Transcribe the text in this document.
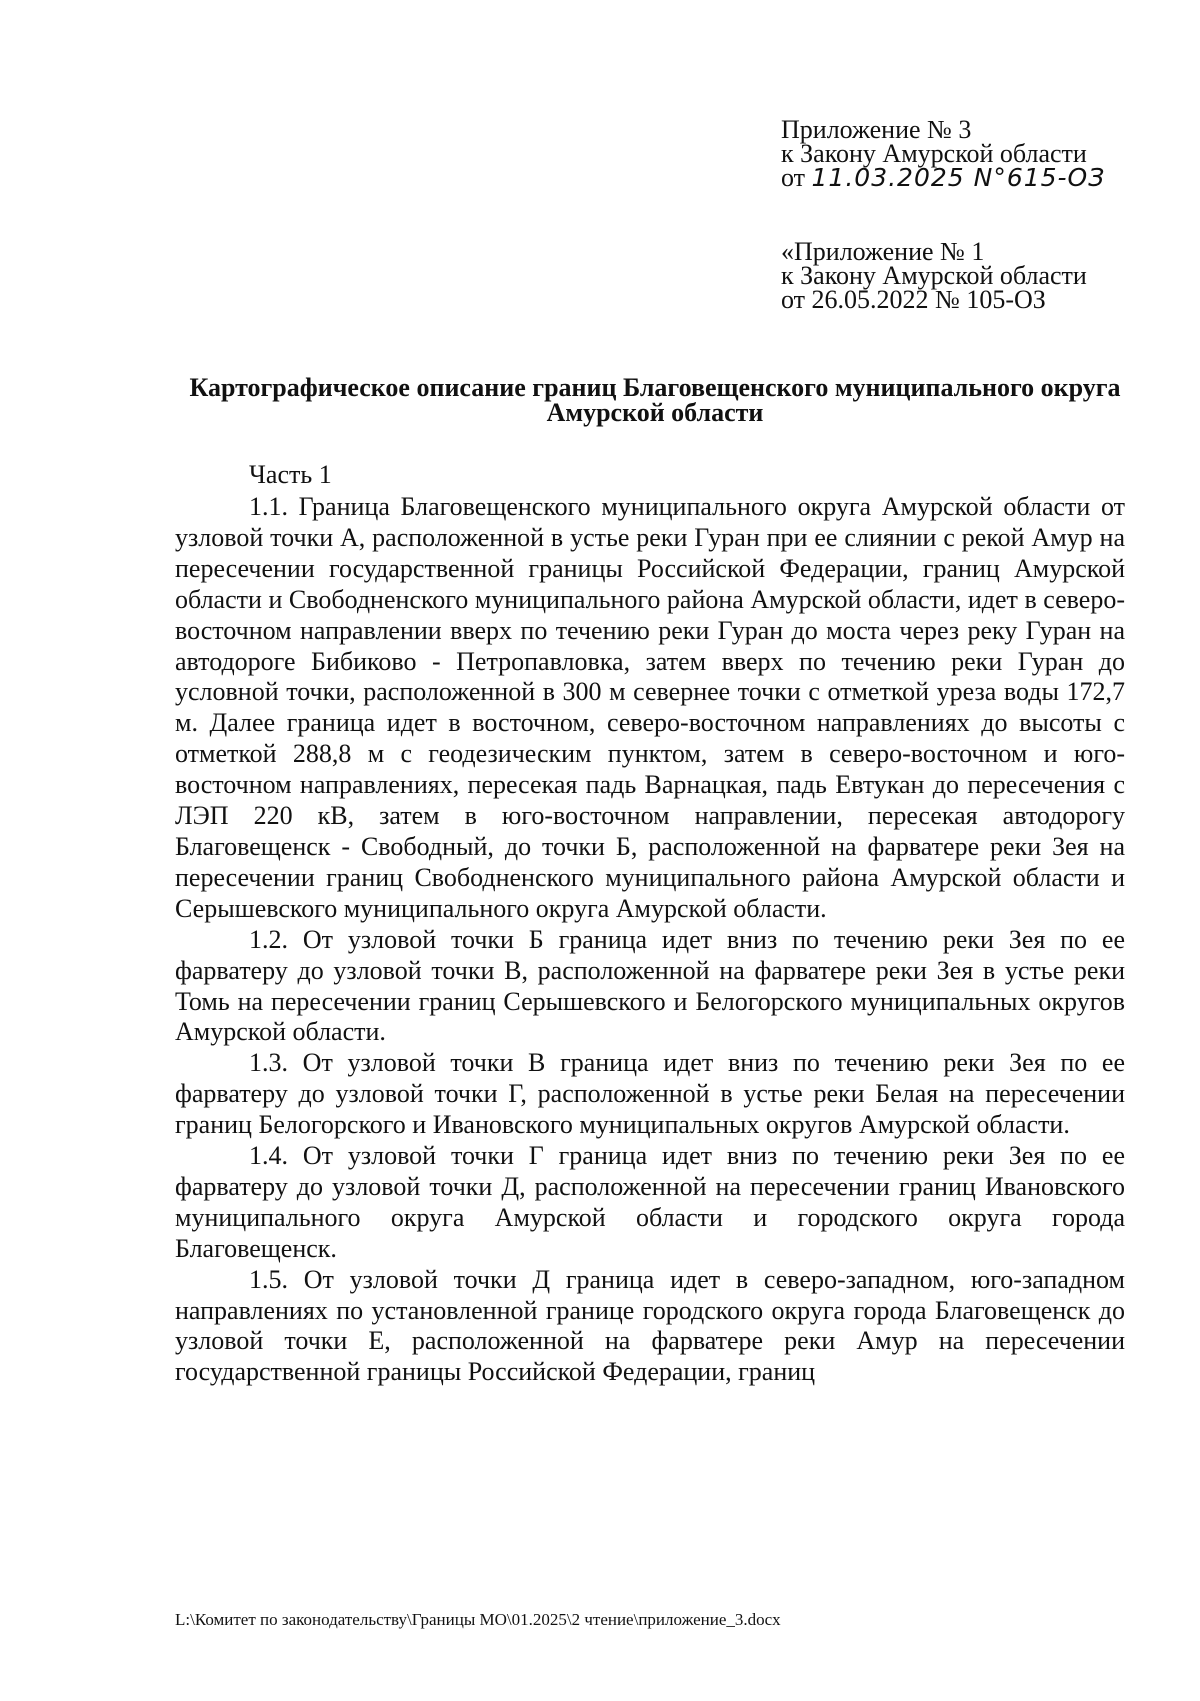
Приложение № 3
к Закону Амурской области
от 11.03.2025 N°615-ОЗ
«Приложение № 1
к Закону Амурской области
от 26.05.2022 № 105-ОЗ
Картографическое описание границ Благовещенского муниципального округа Амурской области
Часть 1

1.1. Граница Благовещенского муниципального округа Амурской области от узловой точки А, расположенной в устье реки Гуран при ее слиянии с рекой Амур на пересечении государственной границы Российской Федерации, границ Амурской области и Свободненского муниципального района Амурской области, идет в северо-восточном направлении вверх по течению реки Гуран до моста через реку Гуран на автодороге Бибиково - Петропавловка, затем вверх по течению реки Гуран до условной точки, расположенной в 300 м севернее точки с отметкой уреза воды 172,7 м. Далее граница идет в восточном, северо-восточном направлениях до высоты с отметкой 288,8 м с геодезическим пунктом, затем в северо-восточном и юго-восточном направлениях, пересекая падь Варнацкая, падь Евтукан до пересечения с ЛЭП 220 кВ, затем в юго-восточном направлении, пересекая автодорогу Благовещенск - Свободный, до точки Б, расположенной на фарватере реки Зея на пересечении границ Свободненского муниципального района Амурской области и Серышевского муниципального округа Амурской области.

1.2. От узловой точки Б граница идет вниз по течению реки Зея по ее фарватеру до узловой точки В, расположенной на фарватере реки Зея в устье реки Томь на пересечении границ Серышевского и Белогорского муниципальных округов Амурской области.

1.3. От узловой точки В граница идет вниз по течению реки Зея по ее фарватеру до узловой точки Г, расположенной в устье реки Белая на пересечении границ Белогорского и Ивановского муниципальных округов Амурской области.

1.4. От узловой точки Г граница идет вниз по течению реки Зея по ее фарватеру до узловой точки Д, расположенной на пересечении границ Ивановского муниципального округа Амурской области и городского округа города Благовещенск.

1.5. От узловой точки Д граница идет в северо-западном, юго-западном направлениях по установленной границе городского округа города Благовещенск до узловой точки Е, расположенной на фарватере реки Амур на пересечении государственной границы Российской Федерации, границ

L:\Комитет по законодательству\Границы МО\01.2025\2 чтение\приложение_3.docx
